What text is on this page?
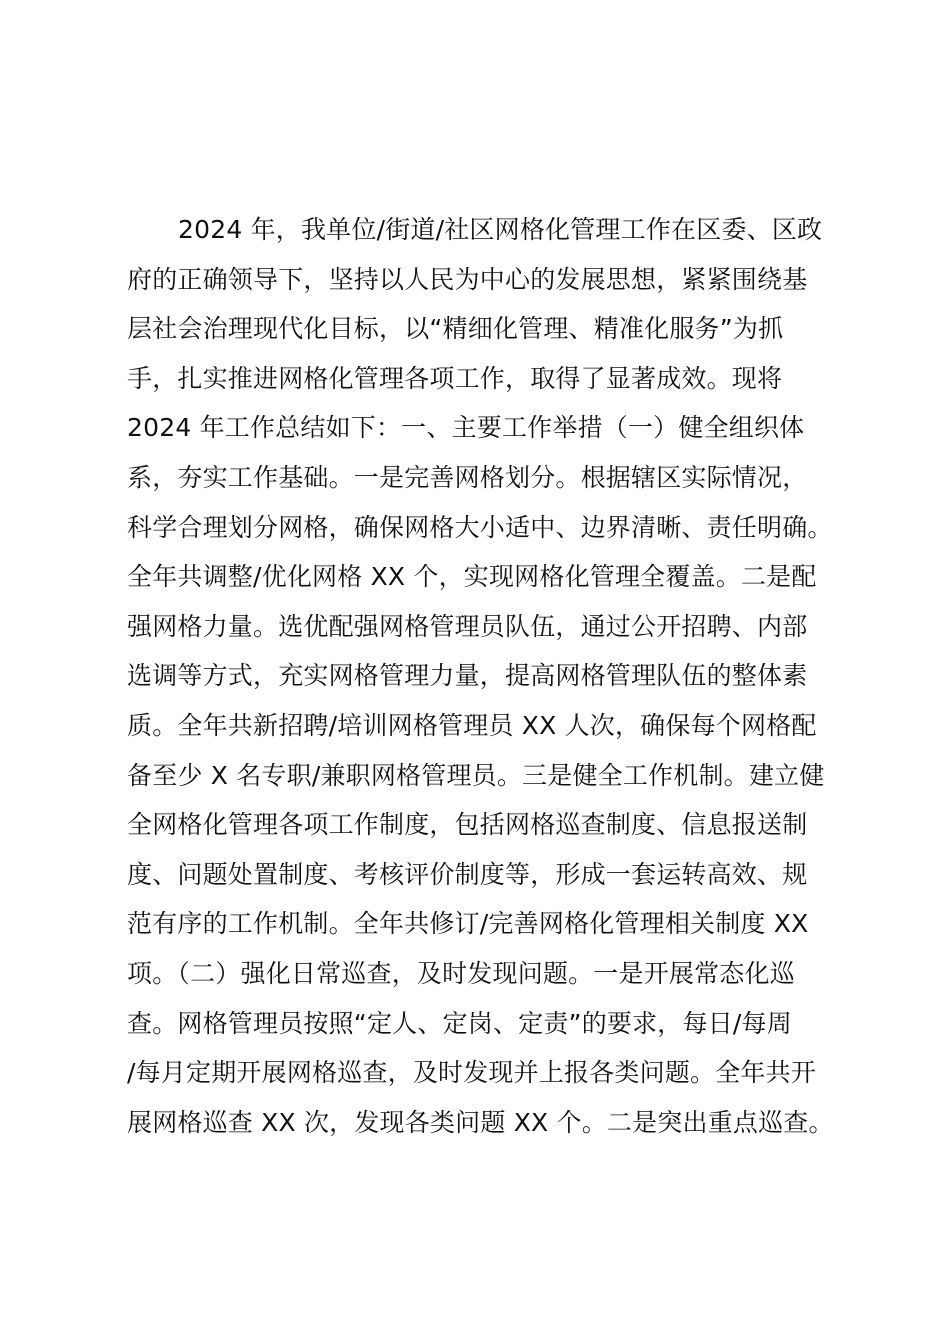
2024 年，我单位/街道/社区网格化管理工作在区委、区政
府的正确领导下，坚持以人民为中心的发展思想，紧紧围绕基
层社会治理现代化目标，以“精细化管理、精准化服务”为抓
手，扎实推进网格化管理各项工作，取得了显著成效。现将
2024 年工作总结如下：一、主要工作举措（一）健全组织体
系，夯实工作基础。一是完善网格划分。根据辖区实际情况，
科学合理划分网格，确保网格大小适中、边界清晰、责任明确。
全年共调整/优化网格 XX 个，实现网格化管理全覆盖。二是配
强网格力量。选优配强网格管理员队伍，通过公开招聘、内部
选调等方式，充实网格管理力量，提高网格管理队伍的整体素
质。全年共新招聘/培训网格管理员 XX 人次，确保每个网格配
备至少 X 名专职/兼职网格管理员。三是健全工作机制。建立健
全网格化管理各项工作制度，包括网格巡查制度、信息报送制
度、问题处置制度、考核评价制度等，形成一套运转高效、规
范有序的工作机制。全年共修订/完善网格化管理相关制度 XX
项。（二）强化日常巡查，及时发现问题。一是开展常态化巡
查。网格管理员按照“定人、定岗、定责”的要求，每日/每周
/每月定期开展网格巡查，及时发现并上报各类问题。全年共开
展网格巡查 XX 次，发现各类问题 XX 个。二是突出重点巡查。
